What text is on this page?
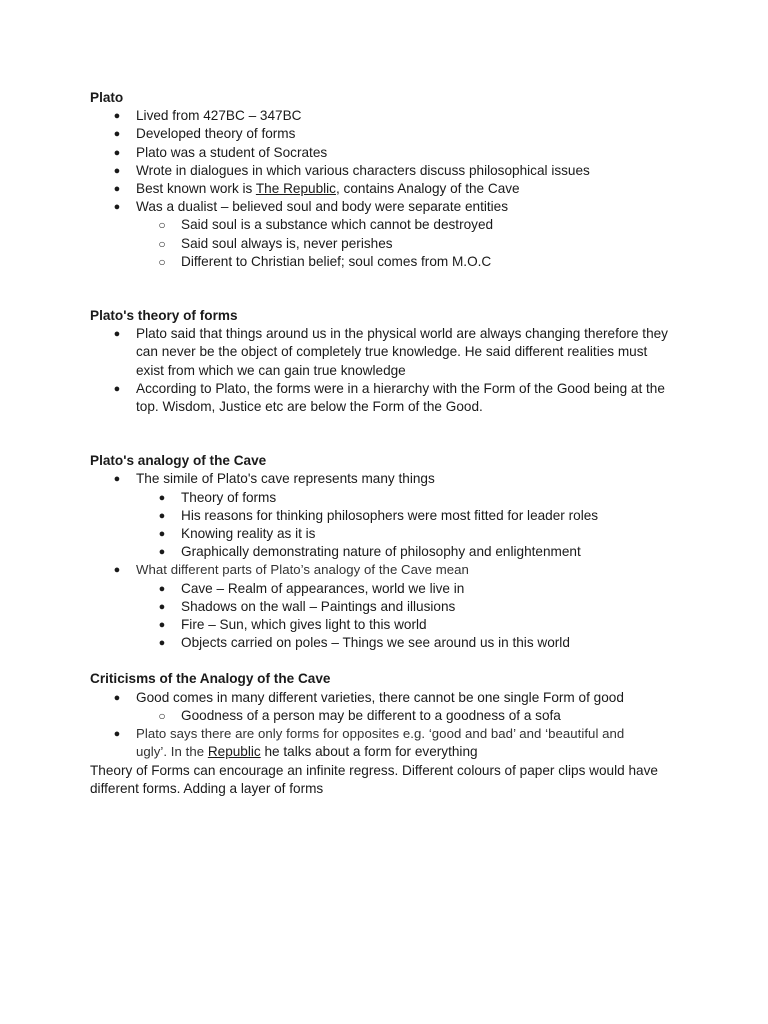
Plato
● Lived from 427BC – 347BC
● Developed theory of forms
● Plato was a student of Socrates
● Wrote in dialogues in which various characters discuss philosophical issues
● Best known work is The Republic, contains Analogy of the Cave
● Was a dualist – believed soul and body were separate entities
○ Said soul is a substance which cannot be destroyed
○ Said soul always is, never perishes
○ Different to Christian belief; soul comes from M.O.C
Plato's theory of forms
● Plato said that things around us in the physical world are always changing therefore they
can never be the object of completely true knowledge. He said different realities must
exist from which we can gain true knowledge
● According to Plato, the forms were in a hierarchy with the Form of the Good being at the
top. Wisdom, Justice etc are below the Form of the Good.
Plato's analogy of the Cave
● The simile of Plato's cave represents many things
● Theory of forms
● His reasons for thinking philosophers were most fitted for leader roles
● Knowing reality as it is
● Graphically demonstrating nature of philosophy and enlightenment
● What different parts of Plato’s analogy of the Cave mean
● Cave – Realm of appearances, world we live in
● Shadows on the wall – Paintings and illusions
● Fire – Sun, which gives light to this world
● Objects carried on poles – Things we see around us in this world
Criticisms of the Analogy of the Cave
● Good comes in many different varieties, there cannot be one single Form of good
○ Goodness of a person may be different to a goodness of a sofa
● Plato says there are only forms for opposites e.g. ‘good and bad’ and ‘beautiful and
ugly’. In the Republic he talks about a form for everything
Theory of Forms can encourage an infinite regress. Different colours of paper clips would have
different forms. Adding a layer of forms
